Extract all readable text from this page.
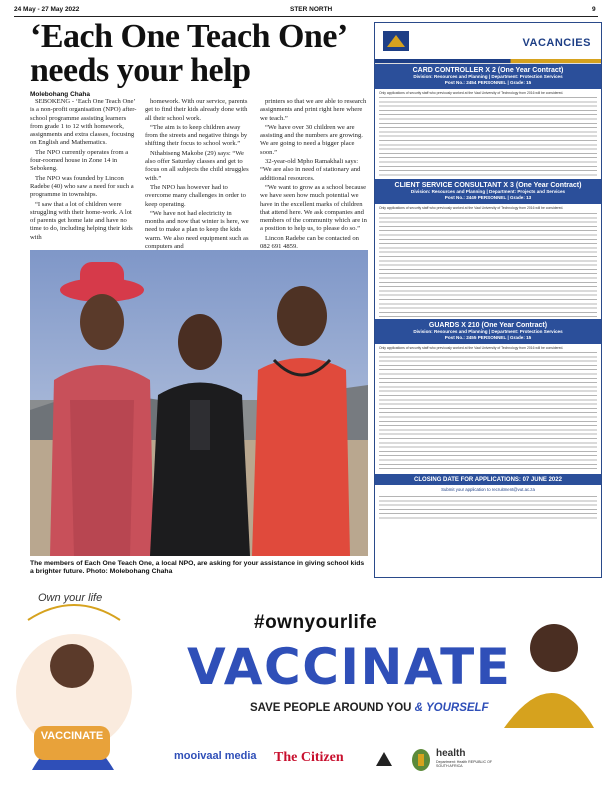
24 May - 27 May 2022	STER NORTH	9
‘Each One Teach One’ needs your help
Molebohang Chaha

SEBOKENG - ‘Each One Teach One’ is a non-profit organisation (NPO) after-school programme assisting learners from grade 1 to 12 with homework, assignments and extra classes, focusing on English and Mathematics.

The NPO currently operates from a four-roomed house in Zone 14 in Sebokeng.

The NPO was founded by Lincon Radebe (40) who saw a need for such a programme in townships.

“I saw that a lot of children were struggling with their home-work. A lot of parents get home late and have no time to do, including helping their kids with

homework. With our service, parents get to find their kids already done with all their school work.

“The aim is to keep children away from the streets and negative things by shifting their focus to school work.”

Nthabiseng Makobe (29) says: “We also offer Saturday classes and get to focus on all subjects the child struggles with.”

The NPO has however had to overcome many challenges in order to keep operating.

“We have not had electricity in months and now that winter is here, we need to make a plan to keep the kids warm. We also need equipment such as computers and

printers so that we are able to research assignments and print right here where we teach.”

“We have over 30 children we are assisting and the numbers are growing. We are going to need a bigger place soon.”

32-year-old Mpho Ramakhali says: “We are also in need of stationary and additional resources.

“We want to grow as a school because we have seen how much potential we have in the excellent marks of children that attend here. We ask companies and members of the community which are in a position to help us, to please do so.”

Lincon Radebe can be contacted on 082 691 4859.

The members of Each One Teach One, a local NPO, are asking for your assistance in giving school kids a brighter future. Photo: Molebohang Chaha
VACANCIES
CARD CONTROLLER X 2 (One Year Contract)
Division: Resources and Planning | Department: Protection Services
Post No.: 2454 PERSONNEL | Grade: 15
Only applications of security staff who previously worked at the Vaal University of Technology from 2016 will be considered.
CLIENT SERVICE CONSULTANT X 3 (One Year Contract)
Division: Resources and Planning | Department: Projects and Services
Post No.: 2449 PERSONNEL | Grade: 13
Only applications of security staff who previously worked at the Vaal University of Technology from 2016 will be considered.
GUARDS X 210 (One Year Contract)
Division: Resources and Planning | Department: Protection Services
Post No.: 2455 PERSONNEL | Grade: 15
Only applications of security staff who previously worked at the Vaal University of Technology from 2016 will be considered.
CLOSING DATE FOR APPLICATIONS: 07 JUNE 2022
Submit your application to recruitment@vut.ac.za
Own your life
VACCINATE
#ownyourlife
VACCINATE
SAVE PEOPLE AROUND YOU & YOURSELF
mooivaal media The Citizen	health
Department: Health REPUBLIC OF SOUTH AFRICA
